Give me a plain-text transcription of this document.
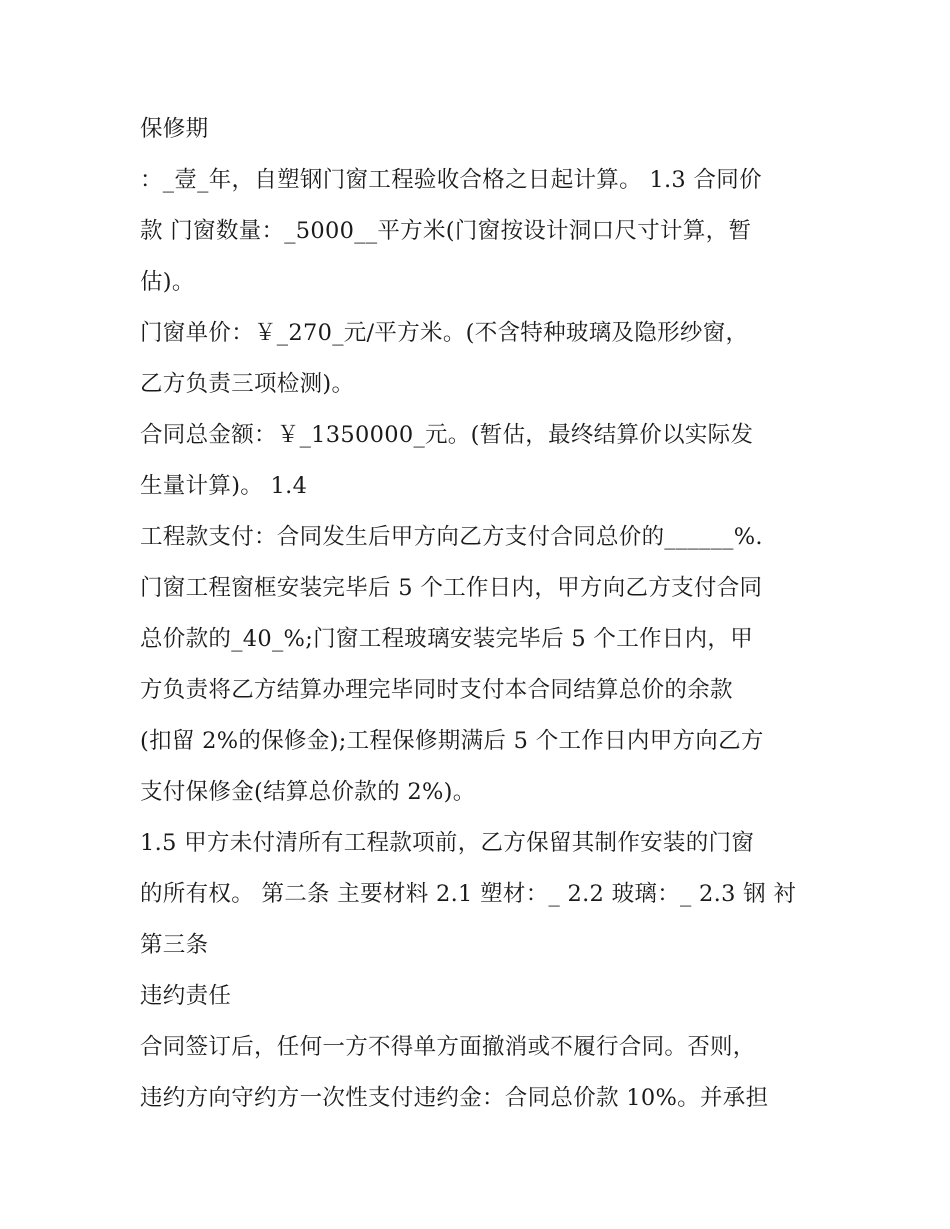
保修期
：_壹_年，自塑钢门窗工程验收合格之日起计算。 1.3 合同价
款 门窗数量：_5000__平方米(门窗按设计洞口尺寸计算，暂
估)。
门窗单价：￥_270_元/平方米。(不含特种玻璃及隐形纱窗，
乙方负责三项检测)。
合同总金额：￥_1350000_元。(暂估，最终结算价以实际发
生量计算)。 1.4
工程款支付：合同发生后甲方向乙方支付合同总价的______%.
门窗工程窗框安装完毕后 5 个工作日内，甲方向乙方支付合同
总价款的_40_%;门窗工程玻璃安装完毕后 5 个工作日内，甲
方负责将乙方结算办理完毕同时支付本合同结算总价的余款
(扣留 2%的保修金);工程保修期满后 5 个工作日内甲方向乙方
支付保修金(结算总价款的 2%)。
1.5 甲方未付清所有工程款项前，乙方保留其制作安装的门窗
的所有权。 第二条 主要材料 2.1 塑材：_ 2.2 玻璃：_ 2.3 钢 衬
第三条
违约责任
合同签订后，任何一方不得单方面撤消或不履行合同。否则，
违约方向守约方一次性支付违约金：合同总价款 10%。并承担
